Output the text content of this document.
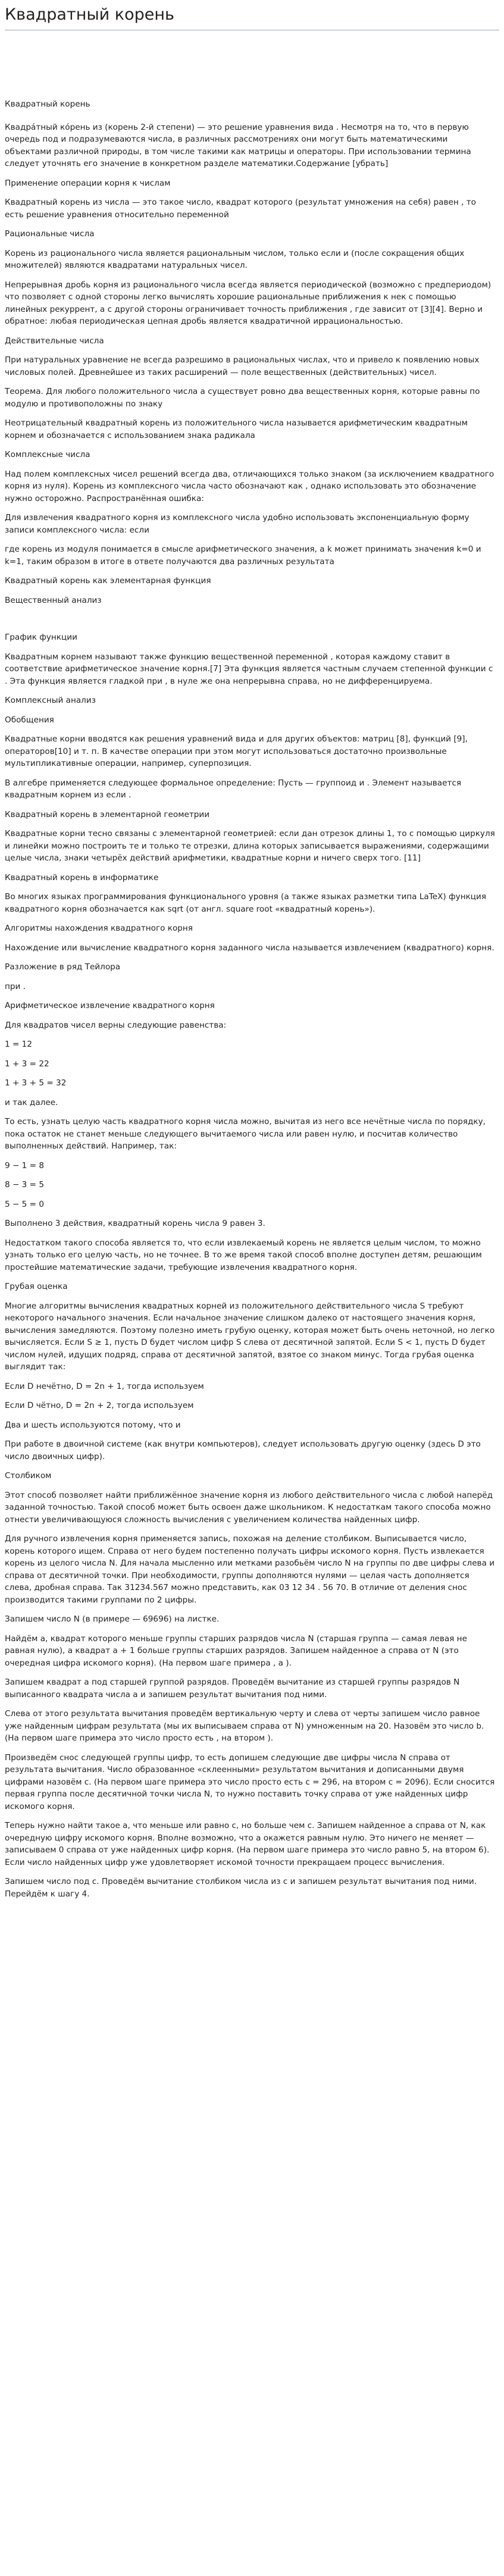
Квадратный корень
Квадратный корень

Квадра́тный ко́рень из (корень 2-й степени) — это решение уравнения вида . Несмотря на то, что в первую очередь под и подразумеваются числа, в различных рассмотрениях они могут быть математическими объектами различной природы, в том числе такими как матрицы и операторы. При использовании термина следует уточнять его значение в конкретном разделе математики.Содержание [убрать]

Применение операции корня к числам

Квадратный корень из числа — это такое число, квадрат которого (результат умножения на себя) равен , то есть решение уравнения относительно переменной

Рациональные числа

Корень из рационального числа является рациональным числом, только если и (после сокращения общих множителей) являются квадратами натуральных чисел.

Непрерывная дробь корня из рационального числа всегда является периодической (возможно с предпериодом) что позволяет с одной стороны легко вычислять хорошие рациональные приближения к нек с помощью линейных рекуррент, а с другой стороны ограничивает точность приближения , где зависит от [3][4]. Верно и обратное: любая периодическая цепная дробь является квадратичной иррациональностью.

Действительные числа

При натуральных уравнение не всегда разрешимо в рациональных числах, что и привело к появлению новых числовых полей. Древнейшее из таких расширений — поле вещественных (действительных) чисел.

Теорема. Для любого положительного числа а существует ровно два вещественных корня, которые равны по модулю и противоположны по знаку

Неотрицательный квадратный корень из положительного числа называется арифметическим квадратным корнем и обозначается с использованием знака радикала

Комплексные числа

Над полем комплексных чисел решений всегда два, отличающихся только знаком (за исключением квадратного корня из нуля). Корень из комплексного числа часто обозначают как , однако использовать это обозначение нужно осторожно. Распространённая ошибка:

Для извлечения квадратного корня из комплексного числа удобно использовать экспоненциальную форму записи комплексного числа: если

где корень из модуля понимается в смысле арифметического значения, а k может принимать значения k=0 и k=1, таким образом в итоге в ответе получаются два различных результата

Квадратный корень как элементарная функция
Вещественный анализ
График функции

Квадратным корнем называют также функцию вещественной переменной , которая каждому ставит в соответствие арифметическое значение корня.[7] Эта функция является частным случаем степенной функции с . Эта функция является гладкой при , в нуле же она непрерывна справа, но не дифференцируема.

Комплексный анализ
Обобщения

Квадратные корни вводятся как решения уравнений вида и для других объектов: матриц [8], функций [9], операторов[10] и т. п. В качестве операции при этом могут использоваться достаточно произвольные мультипликативные операции, например, суперпозиция.

В алгебре применяется следующее формальное определение: Пусть — группоид и . Элемент называется квадратным корнем из если .

Квадратный корень в элементарной геометрии

Квадратные корни тесно связаны с элементарной геометрией: если дан отрезок длины 1, то с помощью циркуля и линейки можно построить те и только те отрезки, длина которых записывается выражениями, содержащими целые числа, знаки четырёх действий арифметики, квадратные корни и ничего сверх того. [11]

Квадратный корень в информатике

Во многих языках программирования функционального уровня (а также языках разметки типа LaTeX) функция квадратного корня обозначается как sqrt (от англ. square root «квадратный корень»).

Алгоритмы нахождения квадратного корня

Нахождение или вычисление квадратного корня заданного числа называется извлечением (квадратного) корня.

Разложение в ряд Тейлора

при .

Арифметическое извлечение квадратного корня

Для квадратов чисел верны следующие равенства:

1 = 12

1 + 3 = 22

1 + 3 + 5 = 32

и так далее.

То есть, узнать целую часть квадратного корня числа можно, вычитая из него все нечётные числа по порядку, пока остаток не станет меньше следующего вычитаемого числа или равен нулю, и посчитав количество выполненных действий. Например, так:

9 − 1 = 8

8 − 3 = 5

5 − 5 = 0

Выполнено 3 действия, квадратный корень числа 9 равен 3.

Недостатком такого способа является то, что если извлекаемый корень не является целым числом, то можно узнать только его целую часть, но не точнее. В то же время такой способ вполне доступен детям, решающим простейшие математические задачи, требующие извлечения квадратного корня.

Грубая оценка

Многие алгоритмы вычисления квадратных корней из положительного действительного числа S требуют некоторого начального значения. Если начальное значение слишком далеко от настоящего значения корня, вычисления замедляются. Поэтому полезно иметь грубую оценку, которая может быть очень неточной, но легко вычисляется. Если S ≥ 1, пусть D будет числом цифр S слева от десятичной запятой. Если S < 1, пусть D будет числом нулей, идущих подряд, справа от десятичной запятой, взятое со знаком минус. Тогда грубая оценка выглядит так:

Если D нечётно, D = 2n + 1, тогда используем

Если D чётно, D = 2n + 2, тогда используем

Два и шесть используются потому, что и

При работе в двоичной системе (как внутри компьютеров), следует использовать другую оценку (здесь D это число двоичных цифр).

Столбиком

Этот способ позволяет найти приближённое значение корня из любого действительного числа с любой наперёд заданной точностью. Такой способ может быть освоен даже школьником. К недостаткам такого способа можно отнести увеличивающуюся сложность вычисления с увеличением количества найденных цифр.

Для ручного извлечения корня применяется запись, похожая на деление столбиком. Выписывается число, корень которого ищем. Справа от него будем постепенно получать цифры искомого корня. Пусть извлекается корень из целого числа N. Для начала мысленно или метками разобьём число N на группы по две цифры слева и справа от десятичной точки. При необходимости, группы дополняются нулями — целая часть дополняется слева, дробная справа. Так 31234.567 можно представить, как 03 12 34 . 56 70. В отличие от деления снос производится такими группами по 2 цифры.

Запишем число N (в примере — 69696) на листке.

Найдём а, квадрат которого меньше группы старших разрядов числа N (старшая группа — самая левая не равная нулю), а квадрат а + 1 больше группы старших разрядов. Запишем найденное а справа от N (это очередная цифра искомого корня). (На первом шаге примера , а ).

Запишем квадрат а под старшей группой разрядов. Проведём вычитание из старшей группы разрядов N выписанного квадрата числа а и запишем результат вычитания под ними.

Слева от этого результата вычитания проведём вертикальную черту и слева от черты запишем число равное уже найденным цифрам результата (мы их выписываем справа от N) умноженным на 20. Назовём это число b. (На первом шаге примера это число просто есть , на втором ).

Произведём снос следующей группы цифр, то есть допишем следующие две цифры числа N справа от результата вычитания. Число образованное «склеенными» результатом вычитания и дописанными двумя цифрами назовём с. (На первом шаге примера это число просто есть с = 296, на втором с = 2096). Если сносится первая группа после десятичной точки числа N, то нужно поставить точку справа от уже найденных цифр искомого корня.

Теперь нужно найти такое а, что меньше или равно с, но больше чем с. Запишем найденное а справа от N, как очередную цифру искомого корня. Вполне возможно, что а окажется равным нулю. Это ничего не меняет — записываем 0 справа от уже найденных цифр корня. (На первом шаге примера это число равно 5, на втором 6). Если число найденных цифр уже удовлетворяет искомой точности прекращаем процесс вычисления.

Запишем число под с. Проведём вычитание столбиком числа из с и запишем результат вычитания под ними. Перейдём к шагу 4.
